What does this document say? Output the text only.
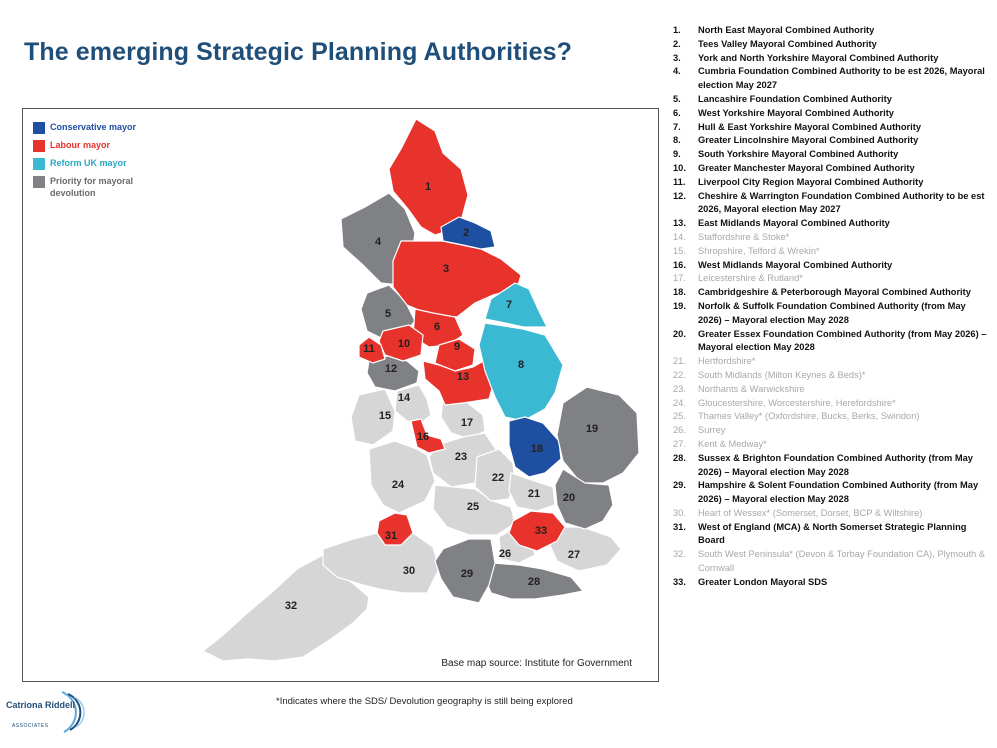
The emerging Strategic Planning Authorities?
1
2
3
4
5
6
7
8
9
10
11
12
13
14
15
16
17
18
19
20
21
22
23
24
25
26	27
28
29
30
31
32
33
Conservative mayor
Labour mayor
Reform UK mayor
Priority for mayoral devolution
Base map source: Institute for Government
*Indicates where the SDS/ Devolution geography is still being explored
Catriona Riddell
ASSOCIATES
1.	North East Mayoral Combined Authority
2.	Tees Valley Mayoral Combined Authority
3.	York and North Yorkshire Mayoral Combined Authority
4.	Cumbria Foundation Combined Authority to be est 2026, Mayoral election May 2027
5.	Lancashire Foundation Combined Authority
6.	West Yorkshire Mayoral Combined Authority
7.	Hull & East Yorkshire Mayoral Combined Authority
8.	Greater Lincolnshire Mayoral Combined Authority
9.	South Yorkshire Mayoral Combined Authority
10.	Greater Manchester Mayoral Combined Authority
11.	Liverpool City Region Mayoral Combined Authority
12.	Cheshire & Warrington Foundation Combined Authority to be est 2026, Mayoral election May 2027
13.	East Midlands Mayoral Combined Authority
14.	Staffordshire & Stoke*
15.	Shropshire, Telford & Wrekin*
16.	West Midlands Mayoral Combined Authority
17.	Leicestershire & Rutland*
18.	Cambridgeshire & Peterborough Mayoral Combined Authority
19.	Norfolk & Suffolk Foundation Combined Authority (from May 2026) – Mayoral election May 2028
20.	Greater Essex Foundation Combined Authority (from May 2026) – Mayoral election May 2028
21.	Hertfordshire*
22.	South Midlands (Milton Keynes & Beds)*
23.	Northants & Warwickshire
24.	Gloucestershire, Worcestershire, Herefordshire*
25.	Thames Valley* (Oxfordshire, Bucks, Berks, Swindon)
26.	Surrey
27.	Kent & Medway*
28.	Sussex & Brighton Foundation Combined Authority (from May 2026) – Mayoral election May 2028
29.	Hampshire & Solent Foundation Combined Authority (from May 2026) – Mayoral election May 2028
30.	Heart of Wessex* (Somerset, Dorset, BCP & Wiltshire)
31.	West of England (MCA) & North Somerset Strategic Planning Board
32.	South West Peninsula* (Devon & Torbay Foundation CA), Plymouth & Cornwall
33.	Greater London Mayoral SDS
